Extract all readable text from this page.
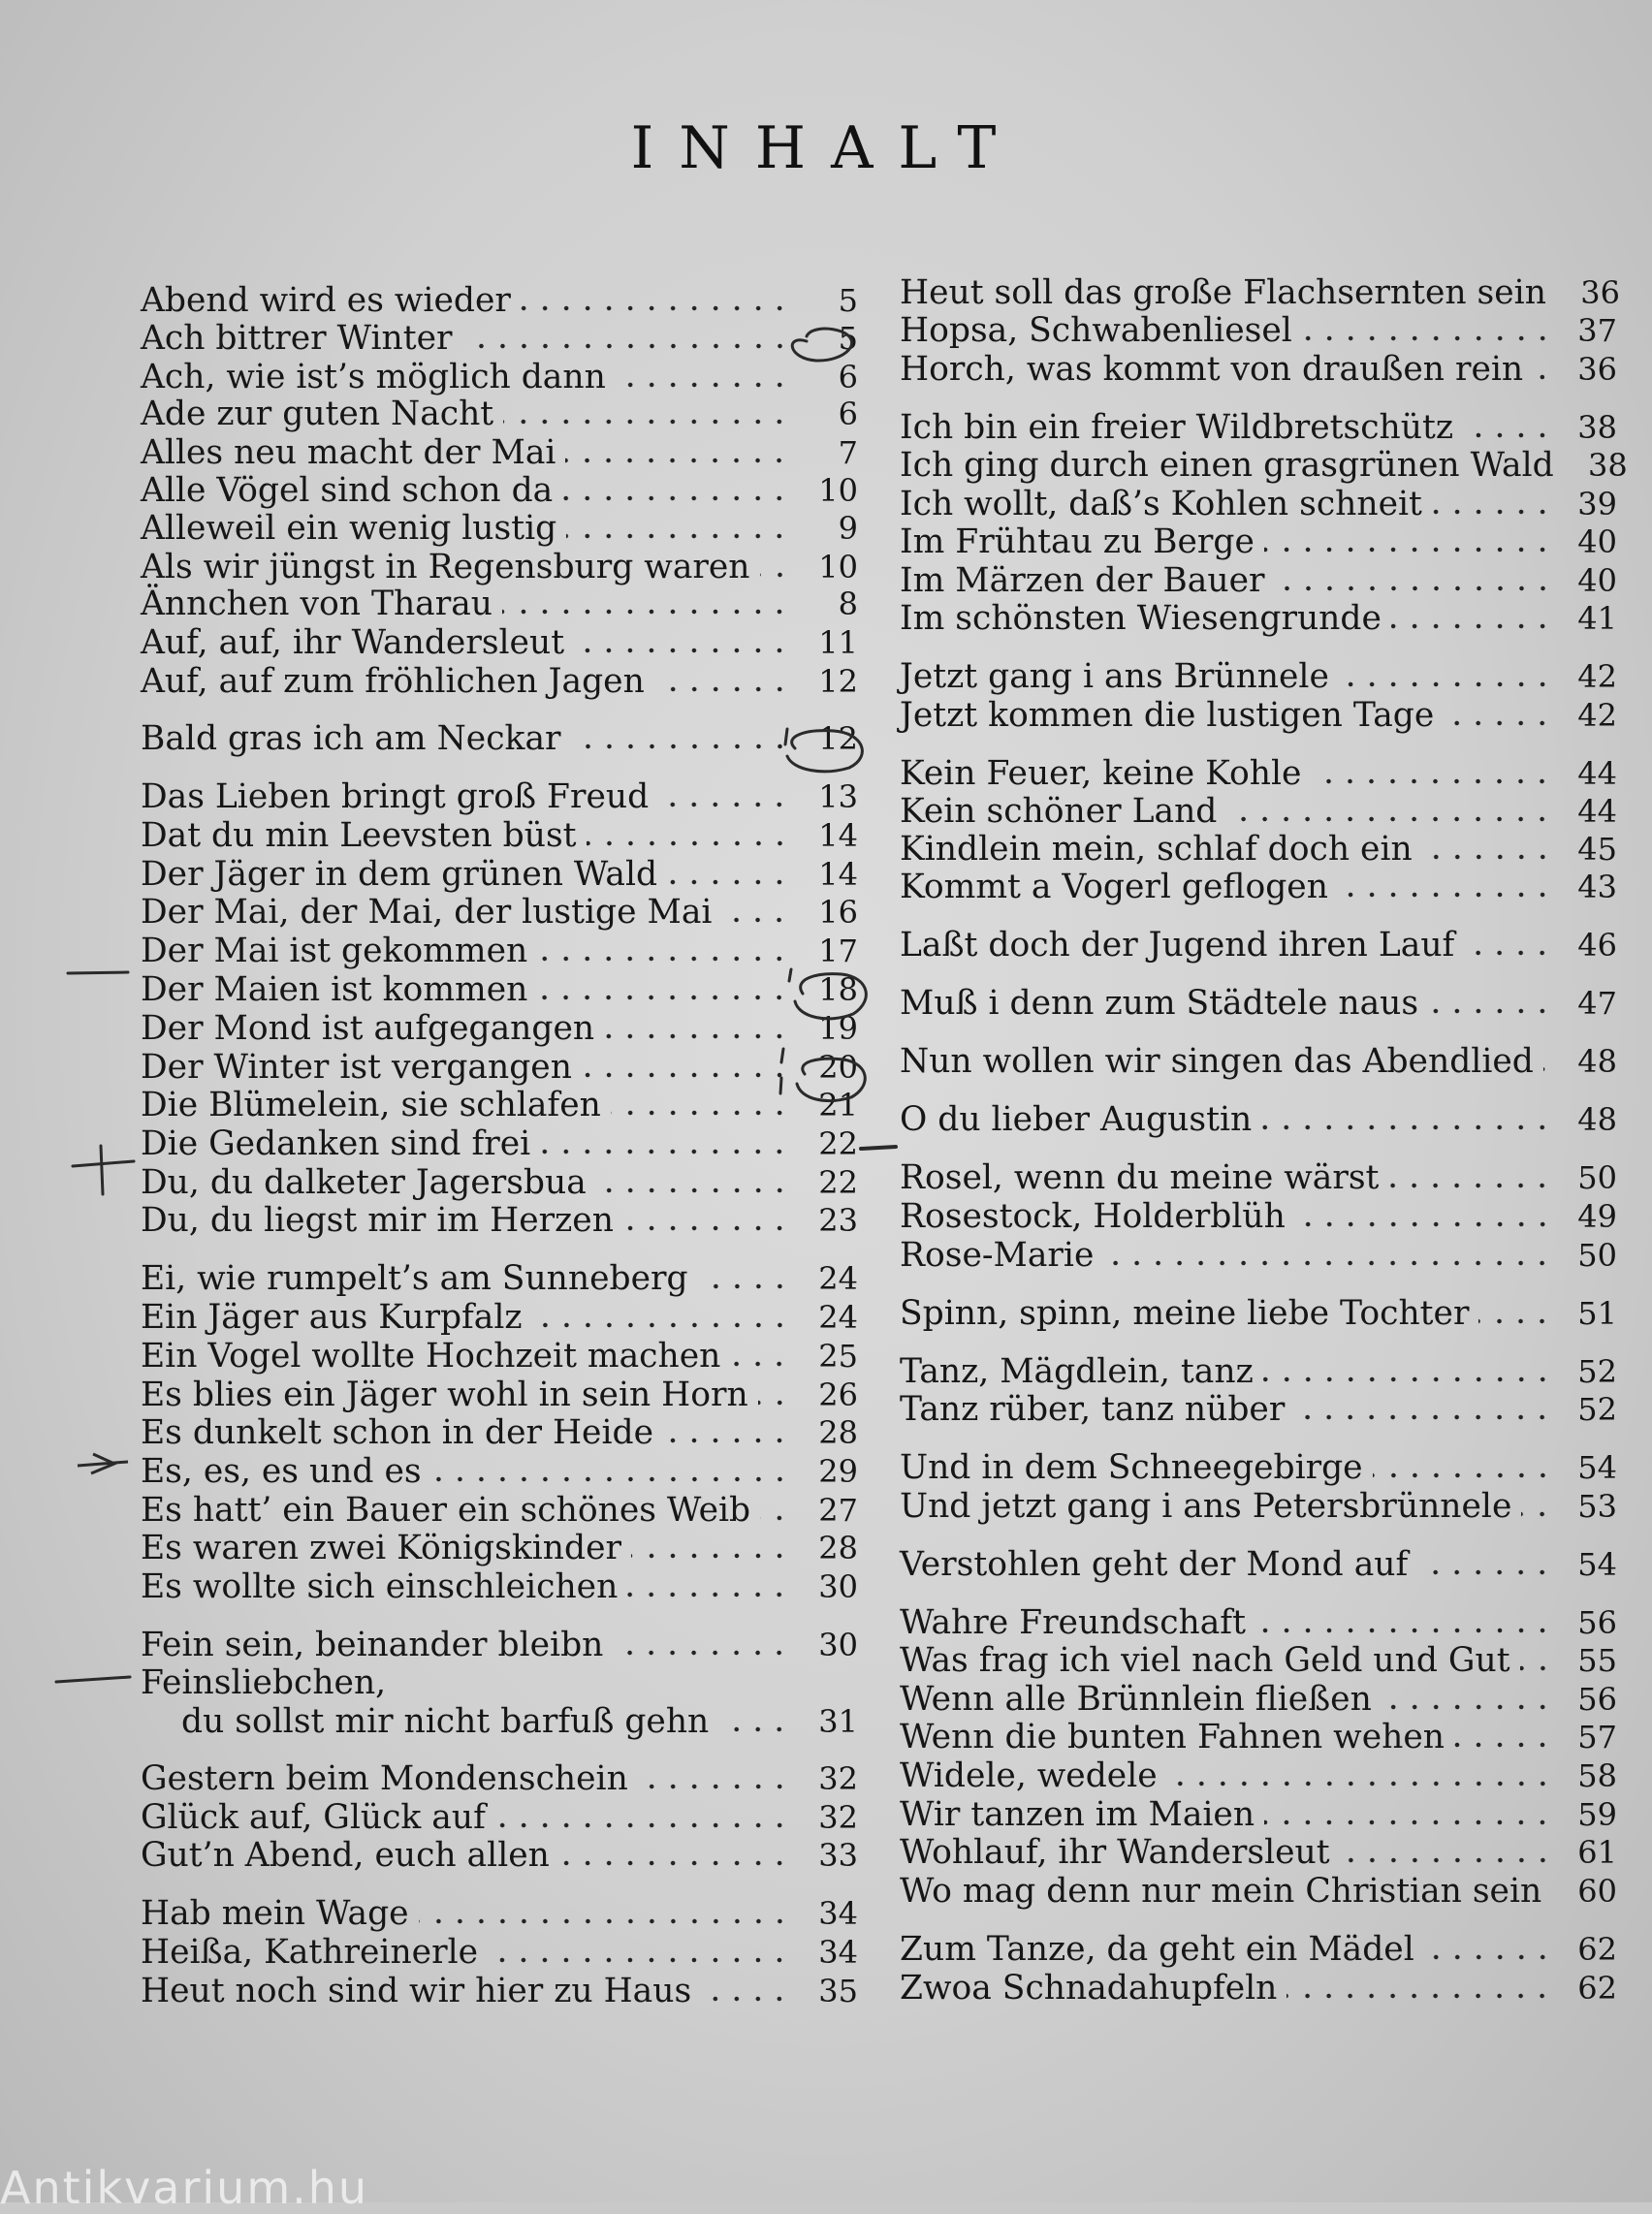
INHALT
Abend wird es wieder	5
Ach bittrer Winter	5
Ach, wie ist’s möglich dann	6
Ade zur guten Nacht	6
Alles neu macht der Mai	7
Alle Vögel sind schon da	10
Alleweil ein wenig lustig	9
Als wir jüngst in Regensburg waren	10
Ännchen von Tharau	8
Auf, auf, ihr Wandersleut	11
Auf, auf zum fröhlichen Jagen	12
Bald gras ich am Neckar	12
Das Lieben bringt groß Freud	13
Dat du min Leevsten büst	14
Der Jäger in dem grünen Wald	14
Der Mai, der Mai, der lustige Mai	16
Der Mai ist gekommen	17
Der Maien ist kommen	18
Der Mond ist aufgegangen	19
Der Winter ist vergangen	20
Die Blümelein, sie schlafen	21
Die Gedanken sind frei	22
Du, du dalketer Jagersbua	22
Du, du liegst mir im Herzen	23
Ei, wie rumpelt’s am Sunneberg	24
Ein Jäger aus Kurpfalz	24
Ein Vogel wollte Hochzeit machen	25
Es blies ein Jäger wohl in sein Horn	26
Es dunkelt schon in der Heide	28
Es, es, es und es	29
Es hatt’ ein Bauer ein schönes Weib	27
Es waren zwei Königskinder	28
Es wollte sich einschleichen	30
Fein sein, beinander bleibn	30
Feinsliebchen,
du sollst mir nicht barfuß gehn	31
Gestern beim Mondenschein	32
Glück auf, Glück auf	32
Gut’n Abend, euch allen	33
Hab mein Wage	34
Heißa, Kathreinerle	34
Heut noch sind wir hier zu Haus	35
Heut soll das große Flachsernten sein	36
Hopsa, Schwabenliesel	37
Horch, was kommt von draußen rein	36
Ich bin ein freier Wildbretschütz	38
Ich ging durch einen grasgrünen Wald	38
Ich wollt, daß’s Kohlen schneit	39
Im Frühtau zu Berge	40
Im Märzen der Bauer	40
Im schönsten Wiesengrunde	41
Jetzt gang i ans Brünnele	42
Jetzt kommen die lustigen Tage	42
Kein Feuer, keine Kohle	44
Kein schöner Land	44
Kindlein mein, schlaf doch ein	45
Kommt a Vogerl geflogen	43
Laßt doch der Jugend ihren Lauf	46
Muß i denn zum Städtele naus	47
Nun wollen wir singen das Abendlied	48
O du lieber Augustin	48
Rosel, wenn du meine wärst	50
Rosestock, Holderblüh	49
Rose-Marie	50
Spinn, spinn, meine liebe Tochter	51
Tanz, Mägdlein, tanz	52
Tanz rüber, tanz nüber	52
Und in dem Schneegebirge	54
Und jetzt gang i ans Petersbrünnele	53
Verstohlen geht der Mond auf	54
Wahre Freundschaft	56
Was frag ich viel nach Geld und Gut	55
Wenn alle Brünnlein fließen	56
Wenn die bunten Fahnen wehen	57
Widele, wedele	58
Wir tanzen im Maien	59
Wohlauf, ihr Wandersleut	61
Wo mag denn nur mein Christian sein	60
Zum Tanze, da geht ein Mädel	62
Zwoa Schnadahupfeln	62
Antikvarium.hu
